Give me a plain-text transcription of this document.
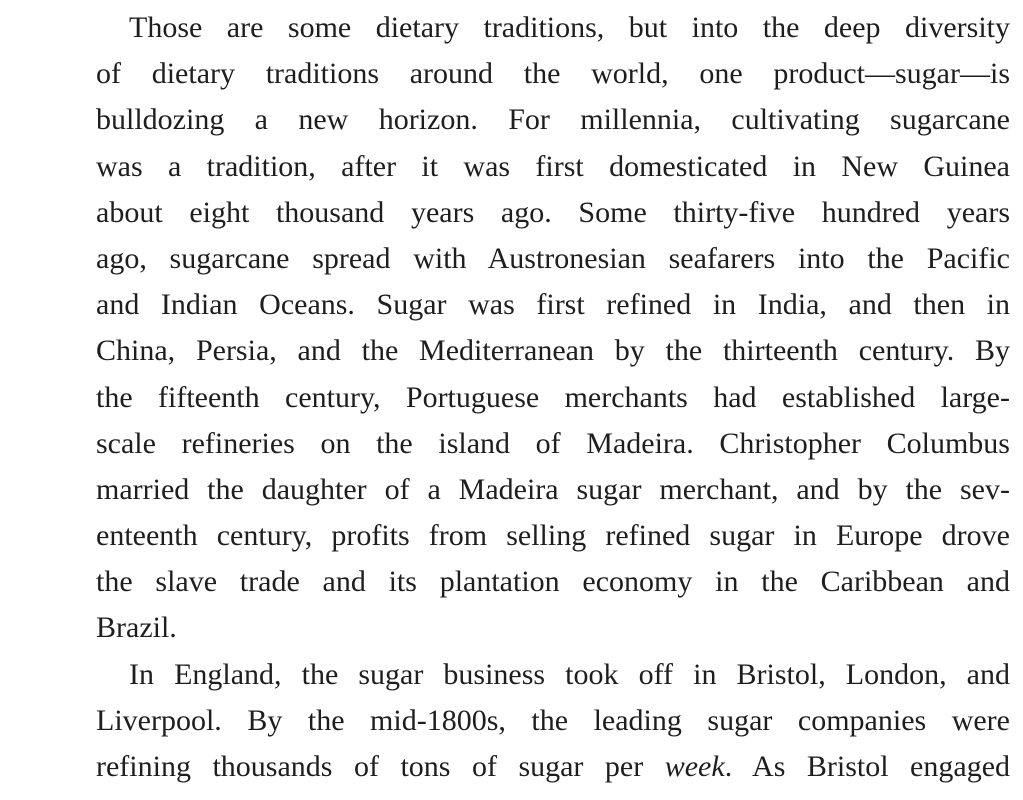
Those are some dietary traditions, but into the deep diversity
of dietary traditions around the world, one product—sugar—is
bulldozing a new horizon. For millennia, cultivating sugarcane
was a tradition, after it was first domesticated in New Guinea
about eight thousand years ago. Some thirty-five hundred years
ago, sugarcane spread with Austronesian seafarers into the Pacific
and Indian Oceans. Sugar was first refined in India, and then in
China, Persia, and the Mediterranean by the thirteenth century. By
the fifteenth century, Portuguese merchants had established large-
scale refineries on the island of Madeira. Christopher Columbus
married the daughter of a Madeira sugar merchant, and by the sev-
enteenth century, profits from selling refined sugar in Europe drove
the slave trade and its plantation economy in the Caribbean and
Brazil.
In England, the sugar business took off in Bristol, London, and
Liverpool. By the mid-1800s, the leading sugar companies were
refining thousands of tons of sugar per week. As Bristol engaged
